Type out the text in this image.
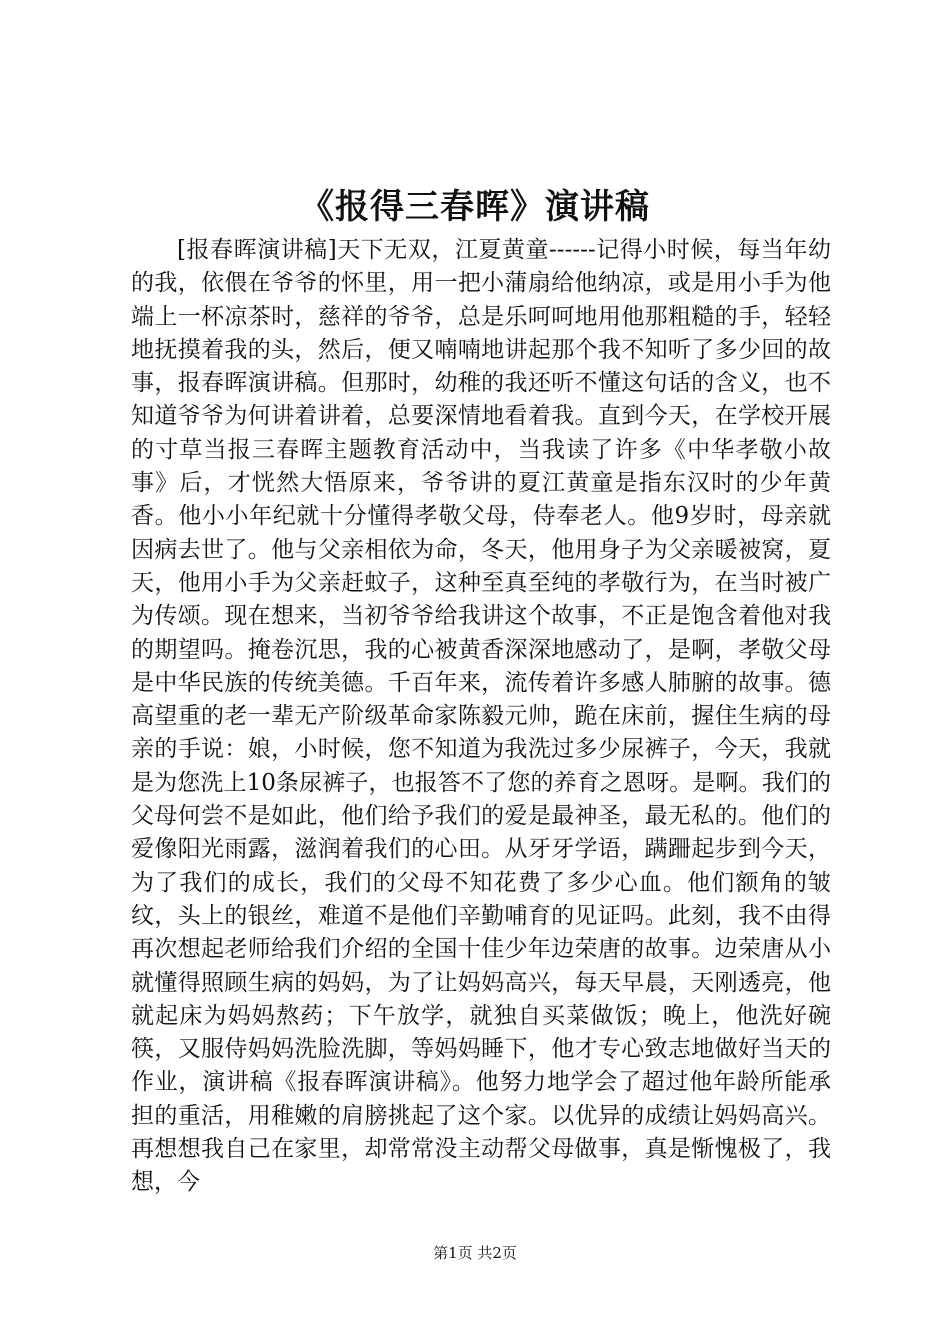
《报得三春晖》演讲稿

[报春晖演讲稿]天下无双，江夏黄童------记得小时候，每当年幼的我，依偎在爷爷的怀里，用一把小蒲扇给他纳凉，或是用小手为他端上一杯凉茶时，慈祥的爷爷，总是乐呵呵地用他那粗糙的手，轻轻地抚摸着我的头，然后，便又喃喃地讲起那个我不知听了多少回的故事，报春晖演讲稿。但那时，幼稚的我还听不懂这句话的含义，也不知道爷爷为何讲着讲着，总要深情地看着我。直到今天，在学校开展的寸草当报三春晖主题教育活动中，当我读了许多《中华孝敬小故事》后，才恍然大悟原来，爷爷讲的夏江黄童是指东汉时的少年黄香。他小小年纪就十分懂得孝敬父母，侍奉老人。他9岁时，母亲就因病去世了。他与父亲相依为命，冬天，他用身子为父亲暖被窝，夏天，他用小手为父亲赶蚊子，这种至真至纯的孝敬行为，在当时被广为传颂。现在想来，当初爷爷给我讲这个故事，不正是饱含着他对我的期望吗。掩卷沉思，我的心被黄香深深地感动了，是啊，孝敬父母是中华民族的传统美德。千百年来，流传着许多感人肺腑的故事。德高望重的老一辈无产阶级革命家陈毅元帅，跪在床前，握住生病的母亲的手说：娘，小时候，您不知道为我洗过多少尿裤子，今天，我就是为您洗上10条尿裤子，也报答不了您的养育之恩呀。是啊。我们的父母何尝不是如此，他们给予我们的爱是最神圣，最无私的。他们的爱像阳光雨露，滋润着我们的心田。从牙牙学语，蹒跚起步到今天，为了我们的成长，我们的父母不知花费了多少心血。他们额角的皱纹，头上的银丝，难道不是他们辛勤哺育的见证吗。此刻，我不由得再次想起老师给我们介绍的全国十佳少年边荣唐的故事。边荣唐从小就懂得照顾生病的妈妈，为了让妈妈高兴，每天早晨，天刚透亮，他就起床为妈妈熬药；下午放学，就独自买菜做饭；晚上，他洗好碗筷，又服侍妈妈洗脸洗脚，等妈妈睡下，他才专心致志地做好当天的作业，演讲稿《报春晖演讲稿》。他努力地学会了超过他年龄所能承担的重活，用稚嫩的肩膀挑起了这个家。以优异的成绩让妈妈高兴。再想想我自己在家里，却常常没主动帮父母做事，真是惭愧极了，我想，今

第1页 共2页
